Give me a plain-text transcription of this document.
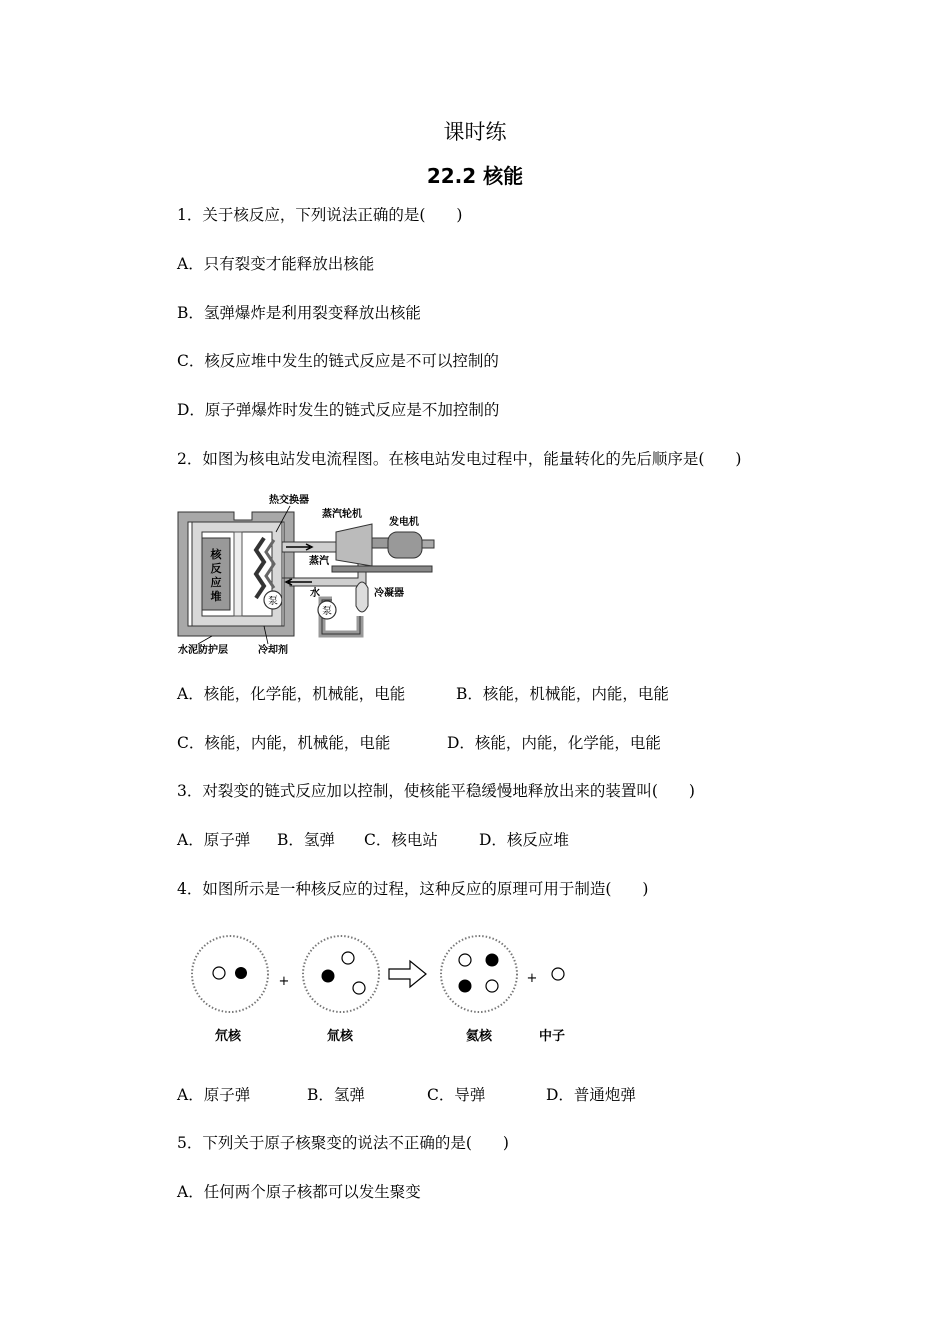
课时练
22.2 核能
1．关于核反应，下列说法正确的是(　　)
A．只有裂变才能释放出核能
B．氢弹爆炸是利用裂变释放出核能
C．核反应堆中发生的链式反应是不可以控制的
D．原子弹爆炸时发生的链式反应是不加控制的
2．如图为核电站发电流程图。在核电站发电过程中，能量转化的先后顺序是(　　)
核
反
应
堆	泵
泵
热交换器
蒸汽轮机
发电机
蒸汽
水	冷凝器
水泥防护层	冷却剂
A．核能，化学能，机械能，电能	B．核能，机械能，内能，电能
C．核能，内能，机械能，电能	D．核能，内能，化学能，电能
3．对裂变的链式反应加以控制，使核能平稳缓慢地释放出来的装置叫(　　)
A．原子弹 B．氢弹 C．核电站	D．核反应堆
4．如图所示是一种核反应的过程，这种反应的原理可用于制造(　　)
+	+
氘核	氚核	氦核	中子
A．原子弹	B．氢弹	C．导弹	D．普通炮弹
5．下列关于原子核聚变的说法不正确的是(　　)
A．任何两个原子核都可以发生聚变
